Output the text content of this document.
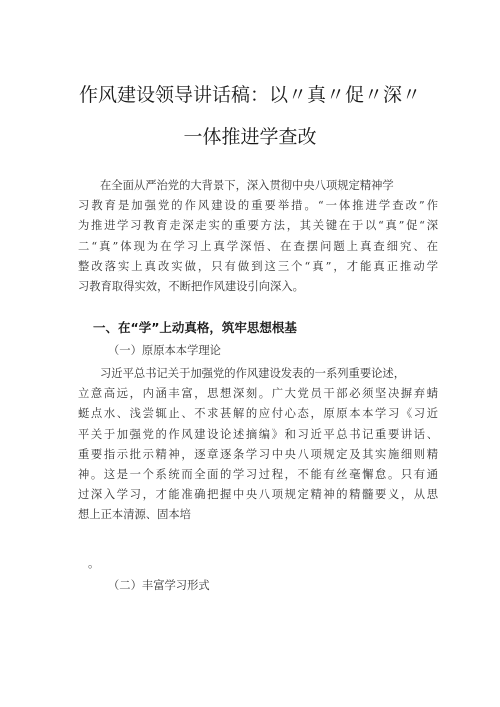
作风建设领导讲话稿：以〃真〃促〃深〃
一体推进学查改
在全面从严治党的大背景下，深入贯彻中央八项规定精神学
习教育是加强党的作风建设的重要举措。“一体推进学查改”作
为推进学习教育走深走实的重要方法，其关键在于以“真”促“深
二“真”体现为在学习上真学深悟、在查摆问题上真查细究、在
整改落实上真改实做，只有做到这三个“真”，才能真正推动学
习教育取得实效，不断把作风建设引向深入。
一、在“学”上动真格，筑牢思想根基
（一）原原本本学理论
习近平总书记关于加强党的作风建设发表的一系列重要论述，
立意高远，内涵丰富，思想深刻。广大党员干部必须坚决摒弃蜻
蜓点水、浅尝辄止、不求甚解的应付心态，原原本本学习《习近
平关于加强党的作风建设论述摘编》和习近平总书记重要讲话、
重要指示批示精神，逐章逐条学习中央八项规定及其实施细则精
神。这是一个系统而全面的学习过程，不能有丝毫懈怠。只有通
过深入学习，才能准确把握中央八项规定精神的精髓要义，从思
想上正本清源、固本培
。
（二）丰富学习形式
